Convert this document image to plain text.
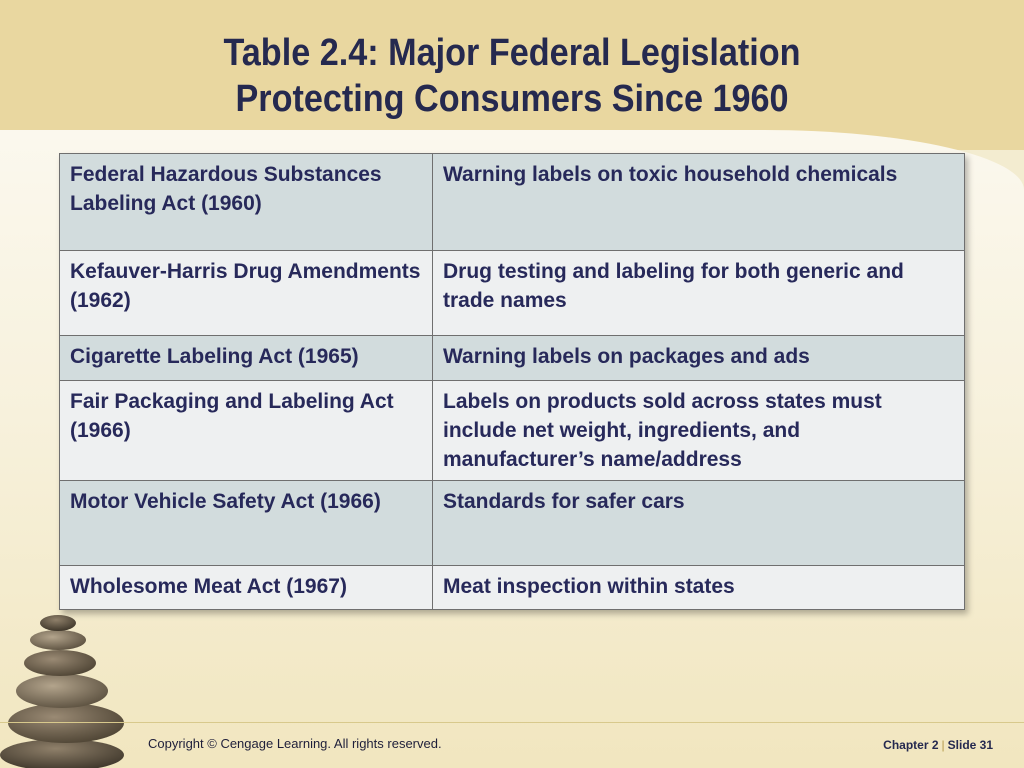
Table 2.4: Major Federal Legislation
Protecting Consumers Since 1960
Federal Hazardous Substances Labeling Act (1960)	Warning labels on toxic household chemicals
Kefauver-Harris Drug Amendments (1962)	Drug testing and labeling for both generic and trade names
Cigarette Labeling Act (1965)	Warning labels on packages and ads
Fair Packaging and Labeling Act (1966)	Labels on products sold across states must include net weight, ingredients, and manufacturer’s name/address
Motor Vehicle Safety Act (1966)	Standards for safer cars
Wholesome Meat Act (1967)	Meat inspection within states
Copyright © Cengage Learning. All rights reserved.	Chapter 2 | Slide 31
